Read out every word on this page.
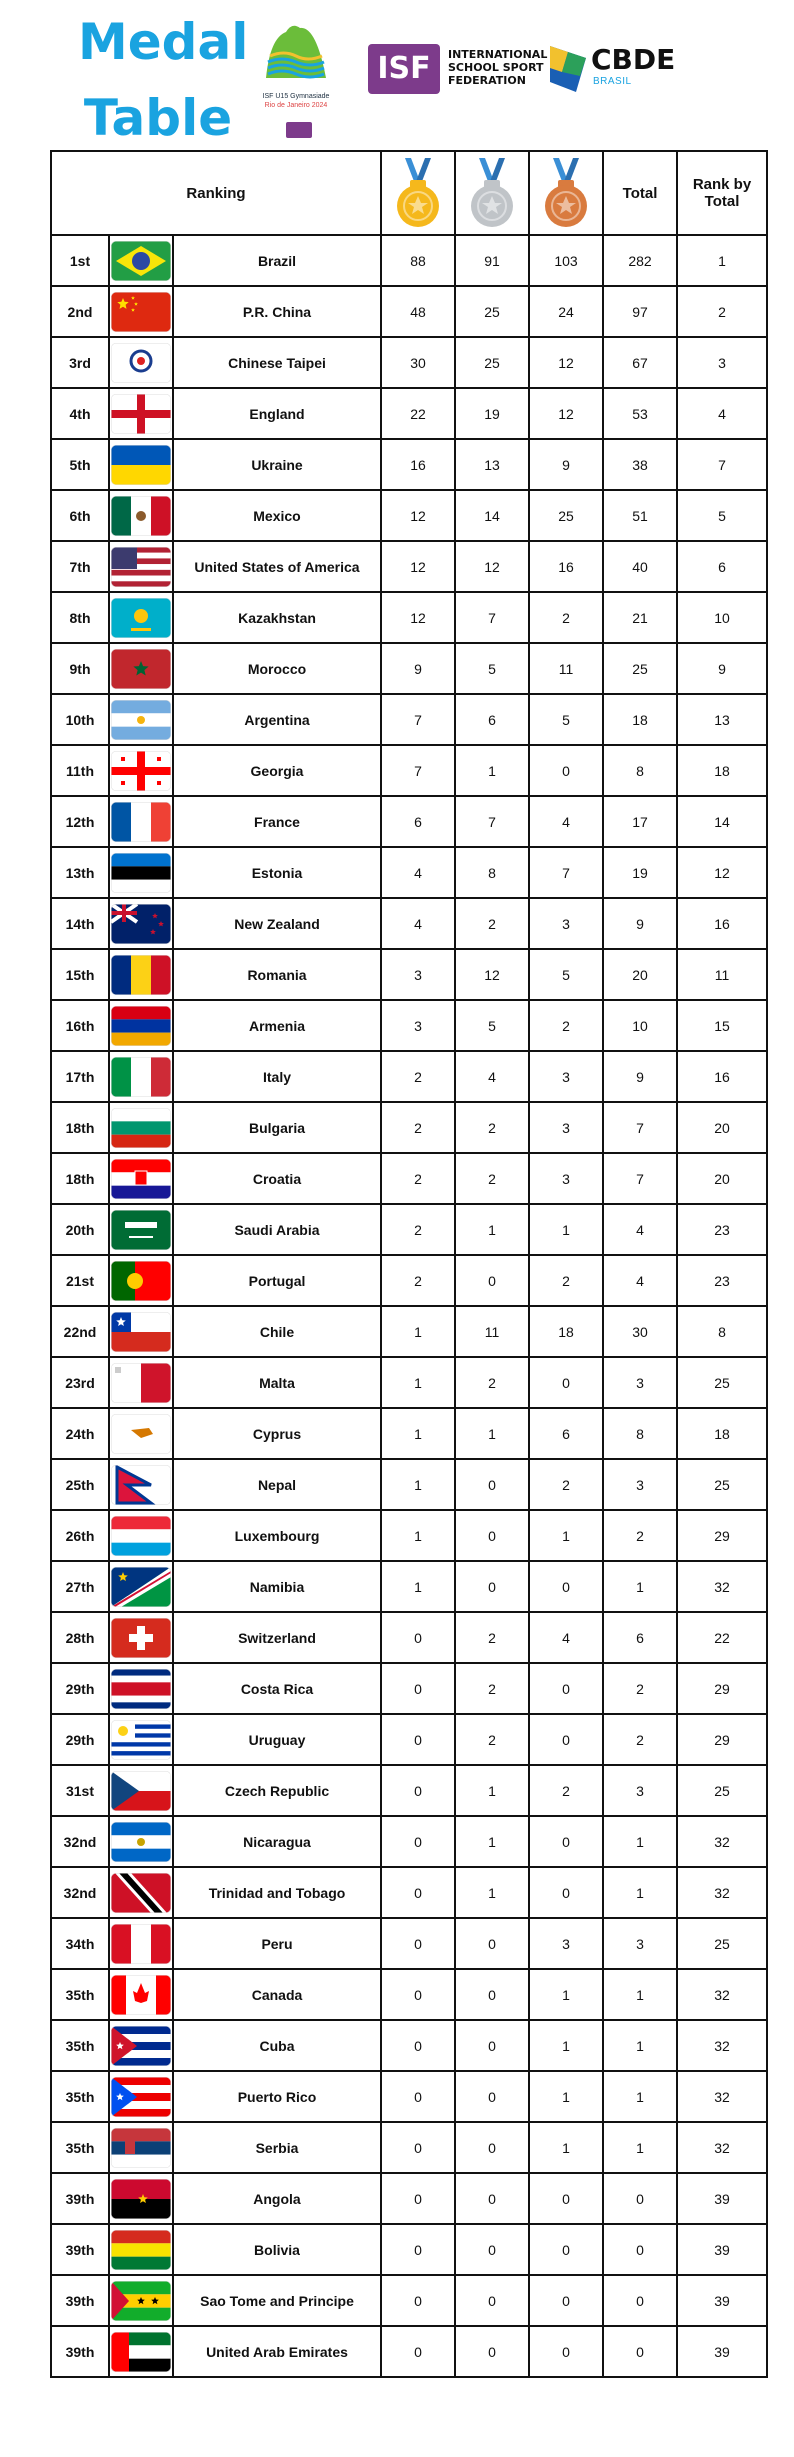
Medal
Table	ISF U15 Gymnasiade
Rio de Janeiro 2024
ISF	INTERNATIONAL SCHOOL SPORT FEDERATION
CBDE
BRASIL
Ranking						Total	Rank by Total
1st		Brazil	88	91	103	282	1
2nd		P.R. China	48	25	24	97	2
3rd		Chinese Taipei	30	25	12	67	3
4th		England	22	19	12	53	4
5th		Ukraine	16	13	9	38	7
6th		Mexico	12	14	25	51	5
7th		United States of America	12	12	16	40	6
8th		Kazakhstan	12	7	2	21	10
9th		Morocco	9	5	11	25	9
10th		Argentina	7	6	5	18	13
11th		Georgia	7	1	0	8	18
12th		France	6	7	4	17	14
13th		Estonia	4	8	7	19	12
14th		New Zealand	4	2	3	9	16
15th		Romania	3	12	5	20	11
16th		Armenia	3	5	2	10	15
17th		Italy	2	4	3	9	16
18th		Bulgaria	2	2	3	7	20
18th		Croatia	2	2	3	7	20
20th		Saudi Arabia	2	1	1	4	23
21st		Portugal	2	0	2	4	23
22nd		Chile	1	11	18	30	8
23rd		Malta	1	2	0	3	25
24th		Cyprus	1	1	6	8	18
25th		Nepal	1	0	2	3	25
26th		Luxembourg	1	0	1	2	29
27th		Namibia	1	0	0	1	32
28th		Switzerland	0	2	4	6	22
29th		Costa Rica	0	2	0	2	29
29th		Uruguay	0	2	0	2	29
31st		Czech Republic	0	1	2	3	25
32nd		Nicaragua	0	1	0	1	32
32nd		Trinidad and Tobago	0	1	0	1	32
34th		Peru	0	0	3	3	25
35th		Canada	0	0	1	1	32
35th		Cuba	0	0	1	1	32
35th		Puerto Rico	0	0	1	1	32
35th		Serbia	0	0	1	1	32
39th		Angola	0	0	0	0	39
39th		Bolivia	0	0	0	0	39
39th		Sao Tome and Principe	0	0	0	0	39
39th		United Arab Emirates	0	0	0	0	39
